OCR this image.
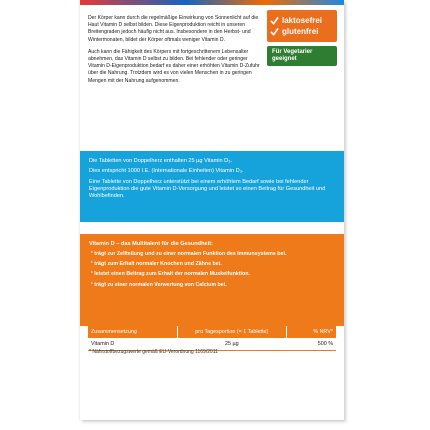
Der Körper kann durch die regelmäßige Einwirkung von Sonnenlicht auf die Haut Vitamin D selbst bilden. Diese Eigenproduktion reicht in unseren Breitengraden jedoch häufig nicht aus. Insbesondere in den Herbst- und Wintermonaten, bildet der Körper oftmals weniger Vitamin D.

Auch kann die Fähigkeit des Körpers mit fortgeschrittenem Lebensalter abnehmen, das Vitamin D selbst zu bilden. Bei fehlender oder geringer Vitamin D-Eigenproduktion bedarf es daher einer erhöhten Vitamin D-Zufuhr über die Nahrung. Trotzdem wird es von vielen Menschen in zu geringen Mengen mit der Nahrung aufgenommen.

laktosefrei
glutenfrei
Für Vegetarier geeignet

Die Tabletten von Doppelherz enthalten 25 µg Vitamin D₃.

Dies entspricht 1000 I.E. (Internationale Einheiten) Vitamin D₃.

Eine Tablette von Doppelherz unterstützt bei einem erhöhtem Bedarf sowie bei fehlender Eigenproduktion die gute Vitamin D-Versorgung und leistet so einen Beitrag für Gesundheit und Wohlbefinden.

Vitamin D – das Multitalent für die Gesundheit:
¹ trägt zur Zellteilung und zu einer normalen Funktion des Immunsystems bei.
¹ trägt zum Erhalt normaler Knochen und Zähne bei.
¹ leistet einen Beitrag zum Erhalt der normalen Muskelfunktion.
¹ trägt zu einer normalen Verwertung von Calcium bei.
Zusammensetzung	pro Tagesportion (= 1 Tablette)	% NRV*
Vitamin D	25 µg	500 %
* Nährstoffbezugswerte gemäß EU-Verordnung 1169/2011
